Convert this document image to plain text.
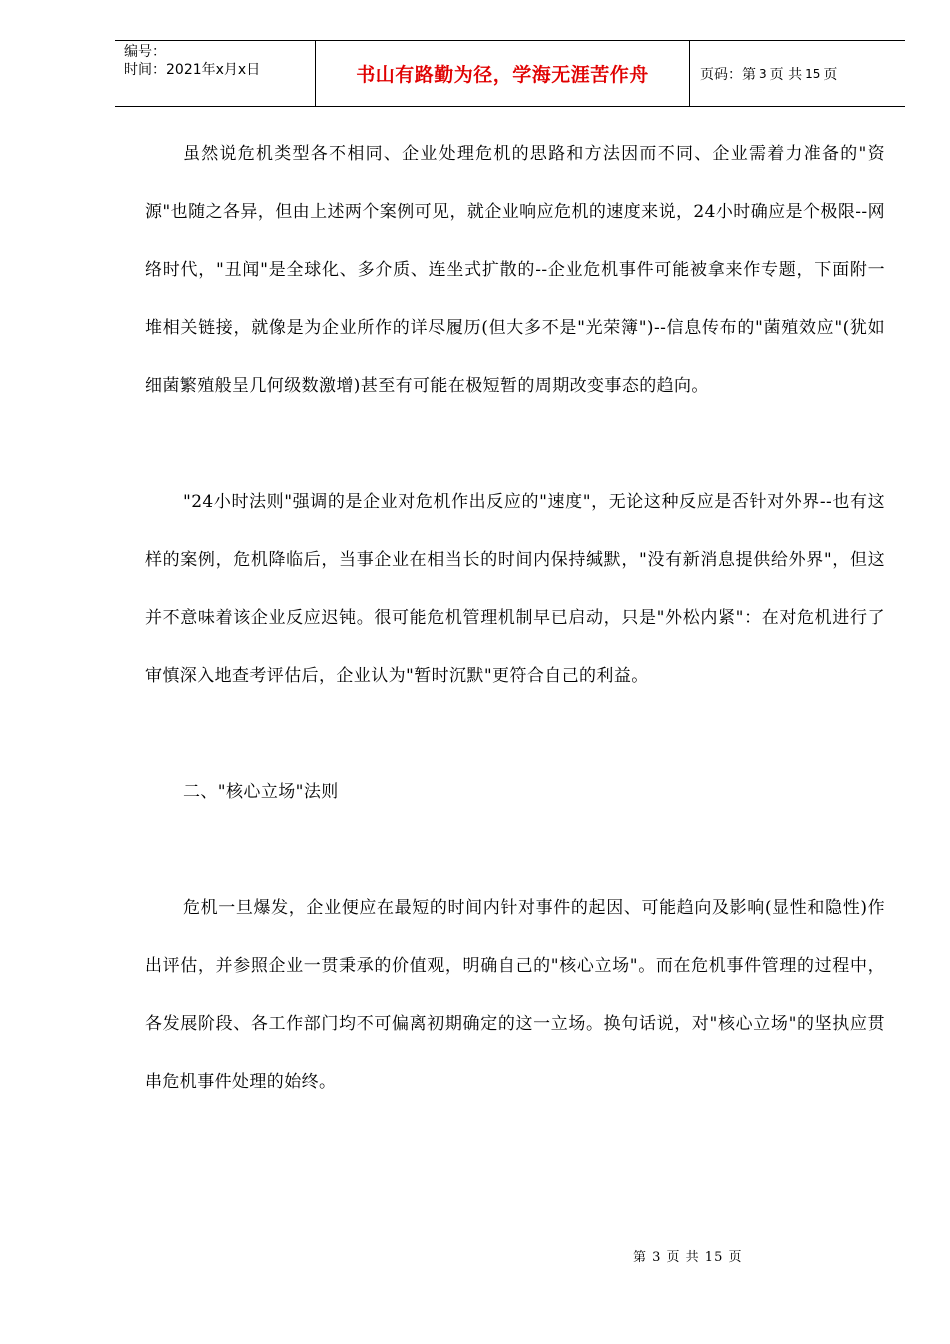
编号：
时间：2021年x月x日	书山有路勤为径，学海无涯苦作舟	页码：第 3 页 共 15 页

虽然说危机类型各不相同、企业处理危机的思路和方法因而不同、企业需着力准备的"资源"也随之各异，但由上述两个案例可见，就企业响应危机的速度来说，24小时确应是个极限--网络时代，"丑闻"是全球化、多介质、连坐式扩散的--企业危机事件可能被拿来作专题，下面附一堆相关链接，就像是为企业所作的详尽履历(但大多不是"光荣簿")--信息传布的"菌殖效应"(犹如细菌繁殖般呈几何级数激增)甚至有可能在极短暂的周期改变事态的趋向。

"24小时法则"强调的是企业对危机作出反应的"速度"，无论这种反应是否针对外界--也有这样的案例，危机降临后，当事企业在相当长的时间内保持缄默，"没有新消息提供给外界"，但这并不意味着该企业反应迟钝。很可能危机管理机制早已启动，只是"外松内紧"：在对危机进行了审慎深入地查考评估后，企业认为"暂时沉默"更符合自己的利益。

二、"核心立场"法则

危机一旦爆发，企业便应在最短的时间内针对事件的起因、可能趋向及影响(显性和隐性)作出评估，并参照企业一贯秉承的价值观，明确自己的"核心立场"。而在危机事件管理的过程中，各发展阶段、各工作部门均不可偏离初期确定的这一立场。换句话说，对"核心立场"的坚执应贯串危机事件处理的始终。

第 3 页 共 15 页
